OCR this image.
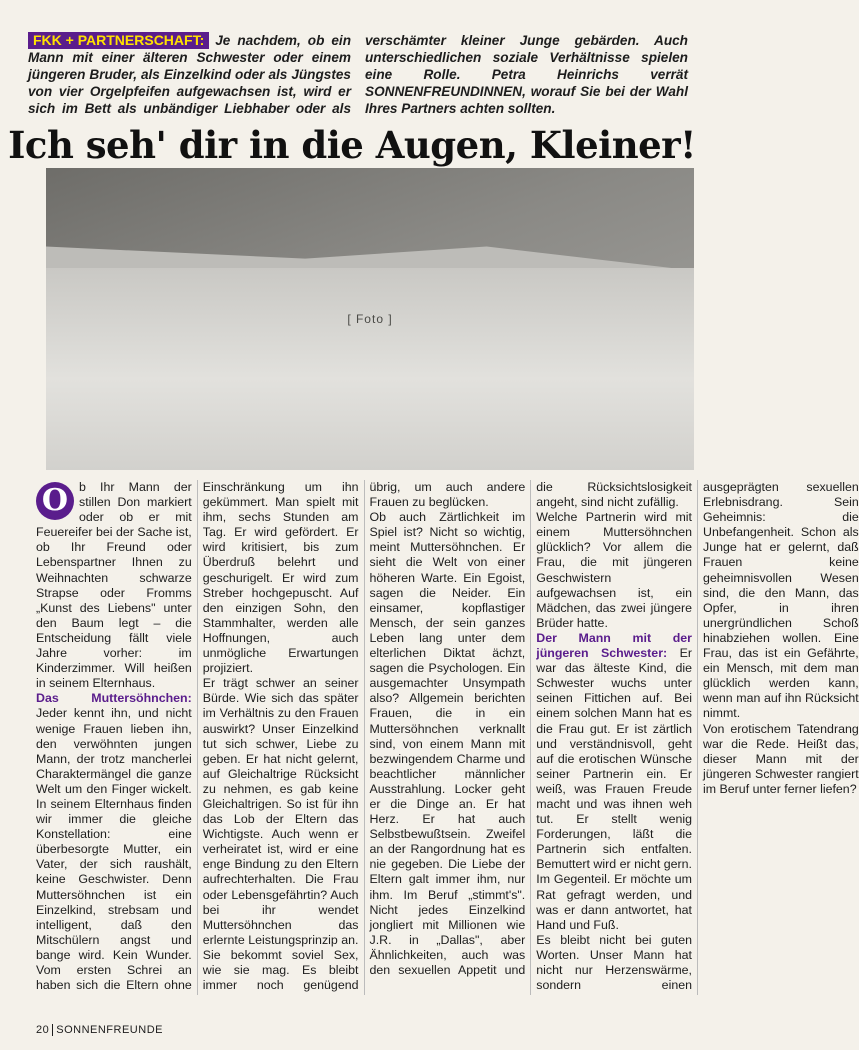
FKK + PARTNERSCHAFT: Je nachdem, ob ein Mann mit einer älteren Schwester oder einem jüngeren Bruder, als Einzelkind oder als Jüngstes von vier Orgelpfeifen aufgewachsen ist, wird er sich im Bett als unbändiger Liebhaber oder als verschämter kleiner Junge gebärden. Auch unterschiedlichen soziale Verhältnisse spielen eine Rolle. Petra Heinrichs verrät SONNENFREUNDINNEN, worauf Sie bei der Wahl Ihres Partners achten sollten.
Ich seh' dir in die Augen, Kleiner!
[ Foto ]

O b Ihr Mann der stillen Don markiert oder ob er mit Feuereifer bei der Sache ist, ob Ihr Freund oder Lebenspartner Ihnen zu Weihnachten schwarze Strapse oder Fromms „Kunst des Liebens" unter den Baum legt – die Entscheidung fällt viele Jahre vorher: im Kinderzimmer. Will heißen in seinem Elternhaus.

Das Muttersöhnchen: Jeder kennt ihn, und nicht wenige Frauen lieben ihn, den verwöhnten jungen Mann, der trotz mancherlei Charaktermängel die ganze Welt um den Finger wickelt. In seinem Elternhaus finden wir immer die gleiche Konstellation: eine überbesorgte Mutter, ein Vater, der sich raushält, keine Geschwister. Denn Muttersöhnchen ist ein Einzelkind, strebsam und intelligent, daß den Mitschülern angst und bange wird. Kein Wunder. Vom ersten Schrei an haben sich die Eltern ohne Einschränkung um ihn gekümmert. Man spielt mit ihm, sechs Stunden am Tag. Er wird gefördert. Er wird kritisiert, bis zum Überdruß belehrt und geschurigelt. Er wird zum Streber hochgepuscht. Auf den einzigen Sohn, den Stammhalter, werden alle Hoffnungen, auch unmögliche Erwartungen projiziert.

Er trägt schwer an seiner Bürde. Wie sich das später im Verhältnis zu den Frauen auswirkt? Unser Einzelkind tut sich schwer, Liebe zu geben. Er hat nicht gelernt, auf Gleichaltrige Rücksicht zu nehmen, es gab keine Gleichaltrigen. So ist für ihn das Lob der Eltern das Wichtigste. Auch wenn er verheiratet ist, wird er eine enge Bindung zu den Eltern aufrechterhalten. Die Frau oder Lebensgefährtin? Auch bei ihr wendet Muttersöhnchen das erlernte Leistungsprinzip an. Sie bekommt soviel Sex, wie sie mag. Es bleibt immer noch genügend übrig, um auch andere Frauen zu beglücken.

Ob auch Zärtlichkeit im Spiel ist? Nicht so wichtig, meint Muttersöhnchen. Er sieht die Welt von einer höheren Warte. Ein Egoist, sagen die Neider. Ein einsamer, kopflastiger Mensch, der sein ganzes Leben lang unter dem elterlichen Diktat ächzt, sagen die Psychologen. Ein ausgemachter Unsympath also? Allgemein berichten Frauen, die in ein Muttersöhnchen verknallt sind, von einem Mann mit bezwingendem Charme und beachtlicher männlicher Ausstrahlung. Locker geht er die Dinge an. Er hat Herz. Er hat auch Selbstbewußtsein. Zweifel an der Rangordnung hat es nie gegeben. Die Liebe der Eltern galt immer ihm, nur ihm. Im Beruf „stimmt's". Nicht jedes Einzelkind jongliert mit Millionen wie J.R. in „Dallas", aber Ähnlichkeiten, auch was den sexuellen Appetit und die Rücksichtslosigkeit angeht, sind nicht zufällig.

Welche Partnerin wird mit einem Muttersöhnchen glücklich? Vor allem die Frau, die mit jüngeren Geschwistern aufgewachsen ist, ein Mädchen, das zwei jüngere Brüder hatte.

Der Mann mit der jüngeren Schwester: Er war das älteste Kind, die Schwester wuchs unter seinen Fittichen auf. Bei einem solchen Mann hat es die Frau gut. Er ist zärtlich und verständnisvoll, geht auf die erotischen Wünsche seiner Partnerin ein. Er weiß, was Frauen Freude macht und was ihnen weh tut. Er stellt wenig Forderungen, läßt die Partnerin sich entfalten. Bemuttert wird er nicht gern. Im Gegenteil. Er möchte um Rat gefragt werden, und was er dann antwortet, hat Hand und Fuß.

Es bleibt nicht bei guten Worten. Unser Mann hat nicht nur Herzenswärme, sondern einen ausgeprägten sexuellen Erlebnisdrang. Sein Geheimnis: die Unbefangenheit. Schon als Junge hat er gelernt, daß Frauen keine geheimnisvollen Wesen sind, die den Mann, das Opfer, in ihren unergründlichen Schoß hinabziehen wollen. Eine Frau, das ist ein Gefährte, ein Mensch, mit dem man glücklich werden kann, wenn man auf ihn Rücksicht nimmt.

Von erotischem Tatendrang war die Rede. Heißt das, dieser Mann mit der jüngeren Schwester rangiert im Beruf unter ferner liefen?

20 SONNENFREUNDE
